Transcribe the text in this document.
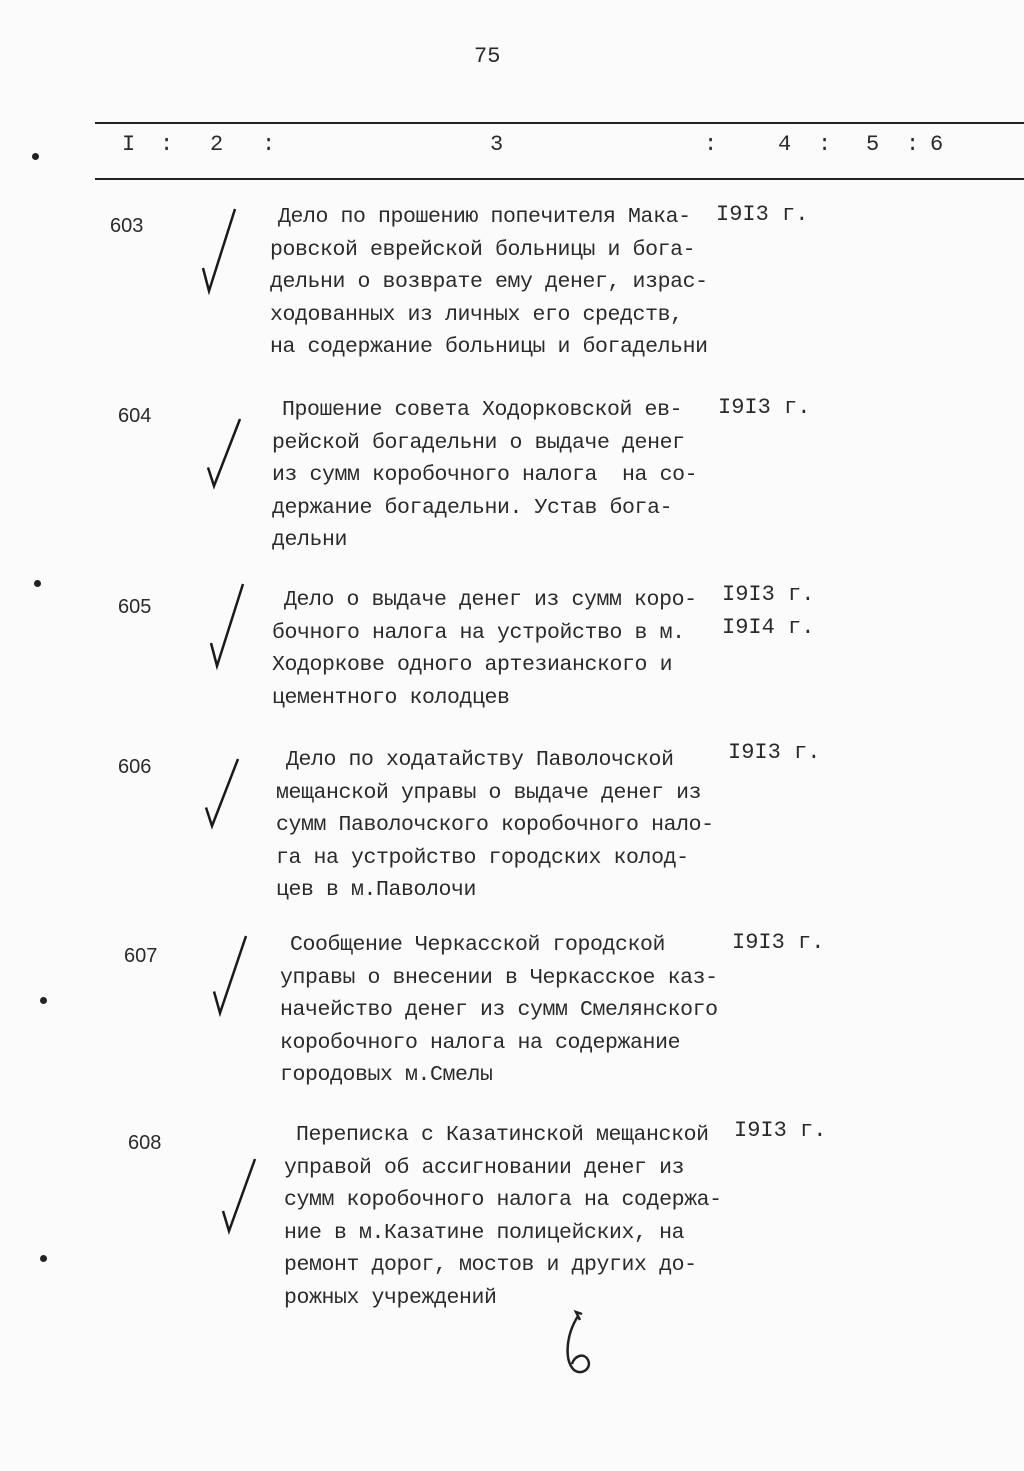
75
I : 2 :	3	:	4 : 5 : 6
603	Дело по прошению попечителя Мака-
ровской еврейской больницы и бога-
дельни о возврате ему денег, израс-
ходованных из личных его средств,
на содержание больницы и богадельни
I9I3 г.
604	Прошение совета Ходорковской ев-
рейской богадельни о выдаче денег
из сумм коробочного налога  на со-
держание богадельни. Устав бога-
дельни
I9I3 г.
605	Дело о выдаче денег из сумм коро-
бочного налога на устройство в м.
Ходоркове одного артезианского и
цементного колодцев
I9I3 г.
I9I4 г.
606	Дело по ходатайству Паволочской
мещанской управы о выдаче денег из
сумм Паволочского коробочного нало-
га на устройство городских колод-
цев в м.Паволочи
I9I3 г.
607	Сообщение Черкасской городской
управы о внесении в Черкасское каз-
начейство денег из сумм Смелянского
коробочного налога на содержание
городовых м.Смелы
I9I3 г.
608	Переписка с Казатинской мещанской
управой об ассигновании денег из
сумм коробочного налога на содержа-
ние в м.Казатине полицейских, на
ремонт дорог, мостов и других до-
рожных учреждений
I9I3 г.
